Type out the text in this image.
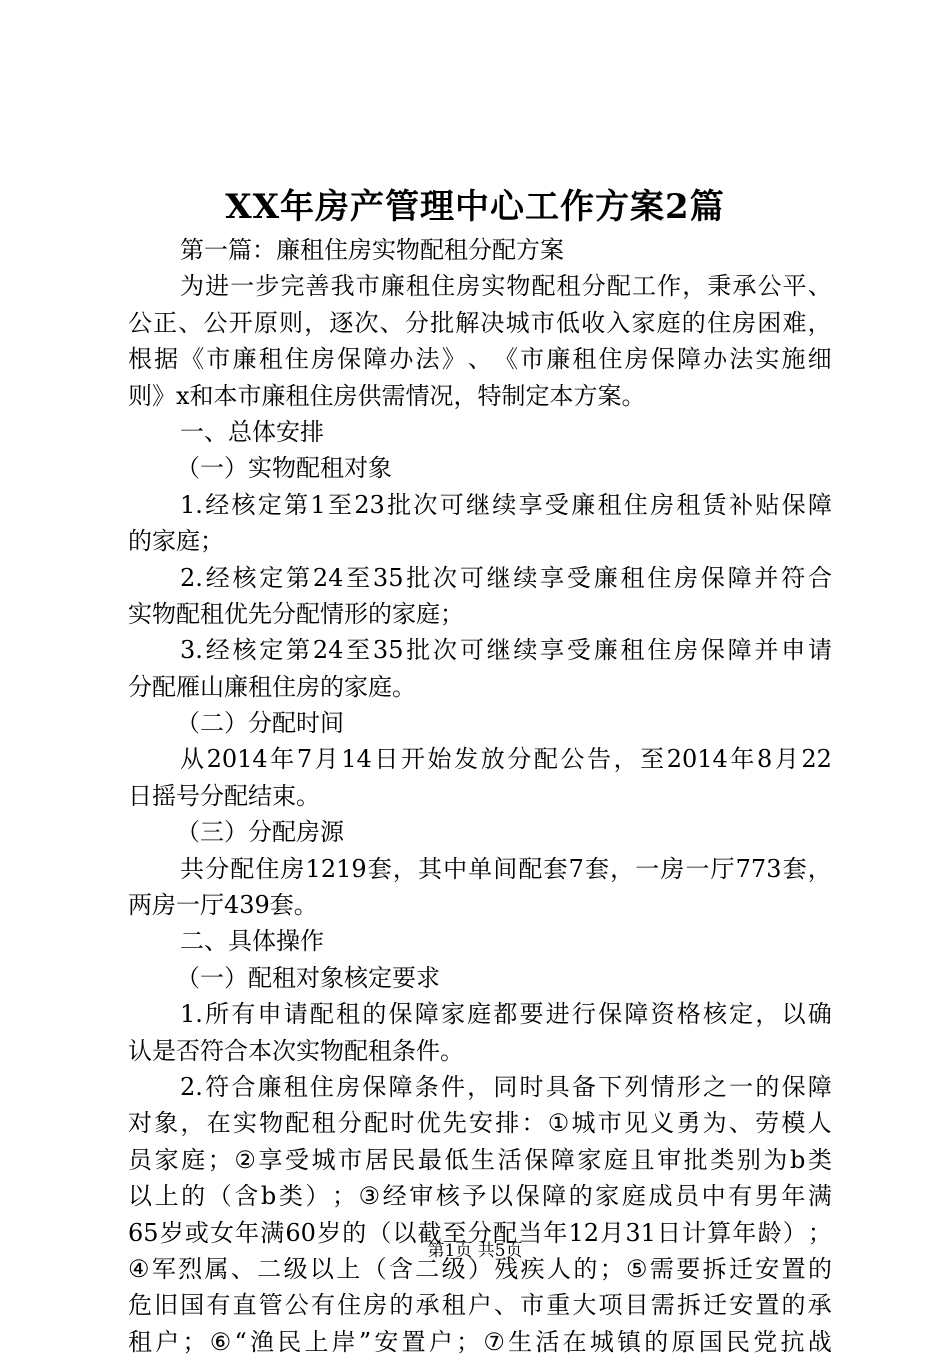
XX年房产管理中心工作方案2篇
第一篇：廉租住房实物配租分配方案
为 进 一 步 完 善 我 市 廉 租 住 房 实 物 配 租 分 配 工 作 ， 秉 承 公 平 、
公 正 、 公 开 原 则 ， 逐 次 、 分 批 解 决 城 市 低 收 入 家 庭 的 住 房 困 难 ，
根 据 《 市 廉 租 住 房 保 障 办 法 》 、 《 市 廉 租 住 房 保 障 办 法 实 施 细
则》x和本市廉租住房供需情况，特制定本方案。
一、总体安排
（一）实物配租对象
1. 经 核 定 第 1 至 23 批 次 可 继 续 享 受 廉 租 住 房 租 赁 补 贴 保 障
的家庭；
2. 经 核 定 第 24 至 35 批 次 可 继 续 享 受 廉 租 住 房 保 障 并 符 合
实物配租优先分配情形的家庭；
3. 经 核 定 第 24 至 35 批 次 可 继 续 享 受 廉 租 住 房 保 障 并 申 请
分配雁山廉租住房的家庭。
（二）分配时间
从 2014 年 7 月 14 日 开 始 发 放 分 配 公 告 ， 至 2014 年 8 月 22
日摇号分配结束。
（三）分配房源
共 分 配 住 房 1219 套 ， 其 中 单 间 配 套 7 套 ， 一 房 一 厅 773 套 ，
两房一厅439套。
二、具体操作
（一）配租对象核定要求
1. 所 有 申 请 配 租 的 保 障 家 庭 都 要 进 行 保 障 资 格 核 定 ， 以 确
认是否符合本次实物配租条件。
2. 符 合 廉 租 住 房 保 障 条 件 ， 同 时 具 备 下 列 情 形 之 一 的 保 障
对 象 ， 在 实 物 配 租 分 配 时 优 先 安 排 ： ① 城 市 见 义 勇 为 、 劳 模 人
员 家 庭 ； ② 享 受 城 市 居 民 最 低 生 活 保 障 家 庭 且 审 批 类 别 为 b 类
以 上 的 （ 含 b 类 ） ； ③ 经 审 核 予 以 保 障 的 家 庭 成 员 中 有 男 年 满
65 岁 或 女 年 满 60 岁 的 （ 以 截 至 分 配 当 年 12 月 31 日 计 算 年 龄 ） ；
④ 军 烈 属 、 二 级 以 上 （ 含 二 级 ） 残 疾 人 的 ； ⑤ 需 要 拆 迁 安 置 的
危 旧 国 有 直 管 公 有 住 房 的 承 租 户 、 市 重 大 项 目 需 拆 迁 安 置 的 承
租 户 ； ⑥ “ 渔 民 上 岸 ” 安 置 户 ； ⑦ 生 活 在 城 镇 的 原 国 民 党 抗 战
第1页 共5页
